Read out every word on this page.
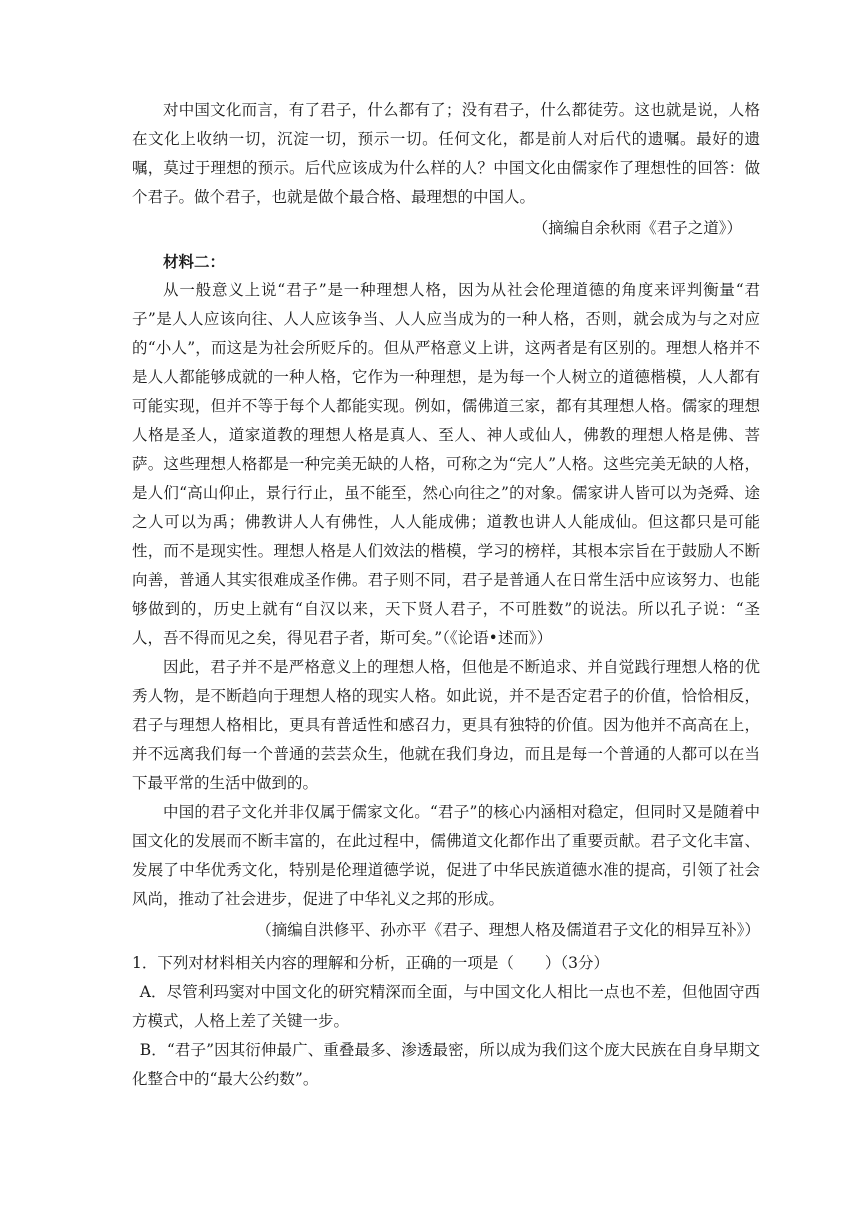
对中国文化而言，有了君子，什么都有了；没有君子，什么都徒劳。这也就是说，人格在文化上收纳一切，沉淀一切，预示一切。任何文化，都是前人对后代的遗嘱。最好的遗嘱，莫过于理想的预示。后代应该成为什么样的人？中国文化由儒家作了理想性的回答：做个君子。做个君子，也就是做个最合格、最理想的中国人。

（摘编自余秋雨《君子之道》）

材料二：

从一般意义上说“君子”是一种理想人格，因为从社会伦理道德的角度来评判衡量“君子”是人人应该向往、人人应该争当、人人应当成为的一种人格，否则，就会成为与之对应的“小人”，而这是为社会所贬斥的。但从严格意义上讲，这两者是有区别的。理想人格并不是人人都能够成就的一种人格，它作为一种理想，是为每一个人树立的道德楷模，人人都有可能实现，但并不等于每个人都能实现。例如，儒佛道三家，都有其理想人格。儒家的理想人格是圣人，道家道教的理想人格是真人、至人、神人或仙人，佛教的理想人格是佛、菩萨。这些理想人格都是一种完美无缺的人格，可称之为“完人”人格。这些完美无缺的人格，是人们“高山仰止，景行行止，虽不能至，然心向往之”的对象。儒家讲人皆可以为尧舜、途之人可以为禹；佛教讲人人有佛性，人人能成佛；道教也讲人人能成仙。但这都只是可能性，而不是现实性。理想人格是人们效法的楷模，学习的榜样，其根本宗旨在于鼓励人不断向善，普通人其实很难成圣作佛。君子则不同，君子是普通人在日常生活中应该努力、也能够做到的，历史上就有“自汉以来，天下贤人君子，不可胜数”的说法。所以孔子说：“圣人，吾不得而见之矣，得见君子者，斯可矣。”（《论语•述而》）

因此，君子并不是严格意义上的理想人格，但他是不断追求、并自觉践行理想人格的优秀人物，是不断趋向于理想人格的现实人格。如此说，并不是否定君子的价值，恰恰相反，君子与理想人格相比，更具有普适性和感召力，更具有独特的价值。因为他并不高高在上，并不远离我们每一个普通的芸芸众生，他就在我们身边，而且是每一个普通的人都可以在当下最平常的生活中做到的。

中国的君子文化并非仅属于儒家文化。“君子”的核心内涵相对稳定，但同时又是随着中国文化的发展而不断丰富的，在此过程中，儒佛道文化都作出了重要贡献。君子文化丰富、发展了中华优秀文化，特别是伦理道德学说，促进了中华民族道德水准的提高，引领了社会风尚，推动了社会进步，促进了中华礼义之邦的形成。

（摘编自洪修平、孙亦平《君子、理想人格及儒道君子文化的相异互补》）

1．下列对材料相关内容的理解和分析，正确的一项是（　　）（3分）

A．尽管利玛窦对中国文化的研究精深而全面，与中国文化人相比一点也不差，但他固守西方模式，人格上差了关键一步。

B．“君子”因其衍伸最广、重叠最多、渗透最密，所以成为我们这个庞大民族在自身早期文化整合中的“最大公约数”。
